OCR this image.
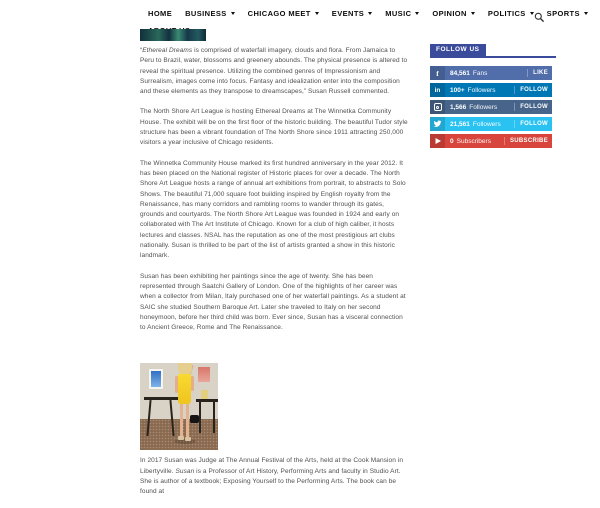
HOME BUSINESS	CHICAGO MEET	EVENTS	MUSIC	OPINION	POLITICS	SPORTS

“Ethereal Dreams is comprised of waterfall imagery, clouds and flora. From Jamaica to Peru to Brazil, water, blossoms and greenery abounds. The physical presence is altered to reveal the spiritual presence. Utilizing the combined genres of Impressionism and Surrealism, images come into focus. Fantasy and idealization enter into the composition and these elements as they transpose to dreamscapes,” Susan Russell commented.

The North Shore Art League is hosting Ethereal Dreams at The Winnetka Community House. The exhibit will be on the first floor of the historic building. The beautiful Tudor style structure has been a vibrant foundation of The North Shore since 1911 attracting 250,000 visitors a year inclusive of Chicago residents.

The Winnetka Community House marked its first hundred anniversary in the year 2012. It has been placed on the National register of Historic places for over a decade. The North Shore Art League hosts a range of annual art exhibitions from portrait, to abstracts to Solo Shows. The beautiful 71,000 square foot building inspired by English royalty from the Renaissance, has many corridors and rambling rooms to wander through its gates, grounds and courtyards. The North Shore Art League was founded in 1924 and early on collaborated with The Art Institute of Chicago. Known for a club of high caliber, it hosts lectures and classes. NSAL has the reputation as one of the most prestigious art clubs nationally. Susan is thrilled to be part of the list of artists granted a show in this historic landmark.

Susan has been exhibiting her paintings since the age of twenty. She has been represented through Saatchi Gallery of London. One of the highlights of her career was when a collector from Milan, Italy purchased one of her waterfall paintings. As a student at SAIC she studied Southern Baroque Art. Later she traveled to Italy on her second honeymoon, before her third child was born. Ever since, Susan has a visceral connection to Ancient Greece, Rome and The Renaissance.

In 2017 Susan was Judge at The Annual Festival of the Arts, held at the Cook Mansion in Libertyville. Susan is a Professor of Art History, Performing Arts and faculty in Studio Art. She is author of a textbook; Exposing Yourself to the Performing Arts. The book can be found at

FOLLOW US
f	84,561 Fans	LIKE
in	100+ Followers	FOLLOW
1,566 Followers	FOLLOW
21,561 Followers	FOLLOW
0 Subscribers	SUBSCRIBE
